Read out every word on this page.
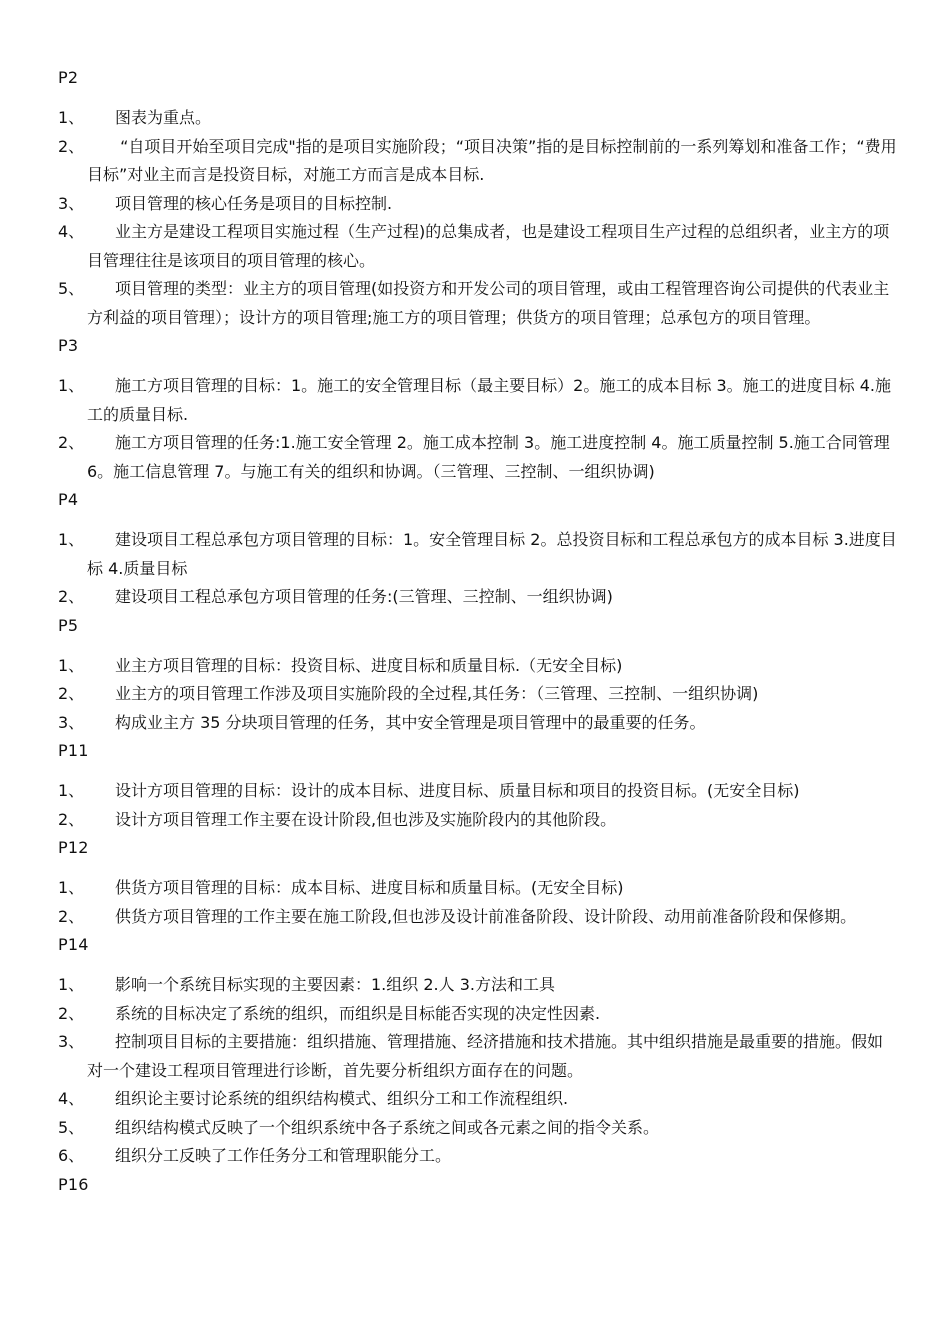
P2
1、	图表为重点。
2、	“自项目开始至项目完成"指的是项目实施阶段；“项目决策”指的是目标控制前的一系列筹划和准备工作；“费用目标”对业主而言是投资目标，对施工方而言是成本目标.
3、	项目管理的核心任务是项目的目标控制.
4、	业主方是建设工程项目实施过程（生产过程)的总集成者，也是建设工程项目生产过程的总组织者，业主方的项目管理往往是该项目的项目管理的核心。
5、	项目管理的类型：业主方的项目管理(如投资方和开发公司的项目管理，或由工程管理咨询公司提供的代表业主方利益的项目管理）；设计方的项目管理;施工方的项目管理；供货方的项目管理；总承包方的项目管理。
P3
1、	施工方项目管理的目标：1。施工的安全管理目标（最主要目标）2。施工的成本目标 3。施工的进度目标 4.施工的质量目标.
2、	施工方项目管理的任务:1.施工安全管理 2。施工成本控制 3。施工进度控制 4。施工质量控制 5.施工合同管理 6。施工信息管理 7。与施工有关的组织和协调。（三管理、三控制、一组织协调)
P4
1、	建设项目工程总承包方项目管理的目标：1。安全管理目标 2。总投资目标和工程总承包方的成本目标 3.进度目标 4.质量目标
2、	建设项目工程总承包方项目管理的任务:(三管理、三控制、一组织协调)
P5
1、	业主方项目管理的目标：投资目标、进度目标和质量目标.（无安全目标)
2、	业主方的项目管理工作涉及项目实施阶段的全过程,其任务：（三管理、三控制、一组织协调)
3、	构成业主方 35 分块项目管理的任务，其中安全管理是项目管理中的最重要的任务。
P11
1、	设计方项目管理的目标：设计的成本目标、进度目标、质量目标和项目的投资目标。(无安全目标)
2、	设计方项目管理工作主要在设计阶段,但也涉及实施阶段内的其他阶段。
P12
1、	供货方项目管理的目标：成本目标、进度目标和质量目标。(无安全目标)
2、	供货方项目管理的工作主要在施工阶段,但也涉及设计前准备阶段、设计阶段、动用前准备阶段和保修期。
P14
1、	影响一个系统目标实现的主要因素：1.组织 2.人 3.方法和工具
2、	系统的目标决定了系统的组织，而组织是目标能否实现的决定性因素.
3、	控制项目目标的主要措施：组织措施、管理措施、经济措施和技术措施。其中组织措施是最重要的措施。假如对一个建设工程项目管理进行诊断，首先要分析组织方面存在的问题。
4、	组织论主要讨论系统的组织结构模式、组织分工和工作流程组织.
5、	组织结构模式反映了一个组织系统中各子系统之间或各元素之间的指令关系。
6、	组织分工反映了工作任务分工和管理职能分工。
P16
